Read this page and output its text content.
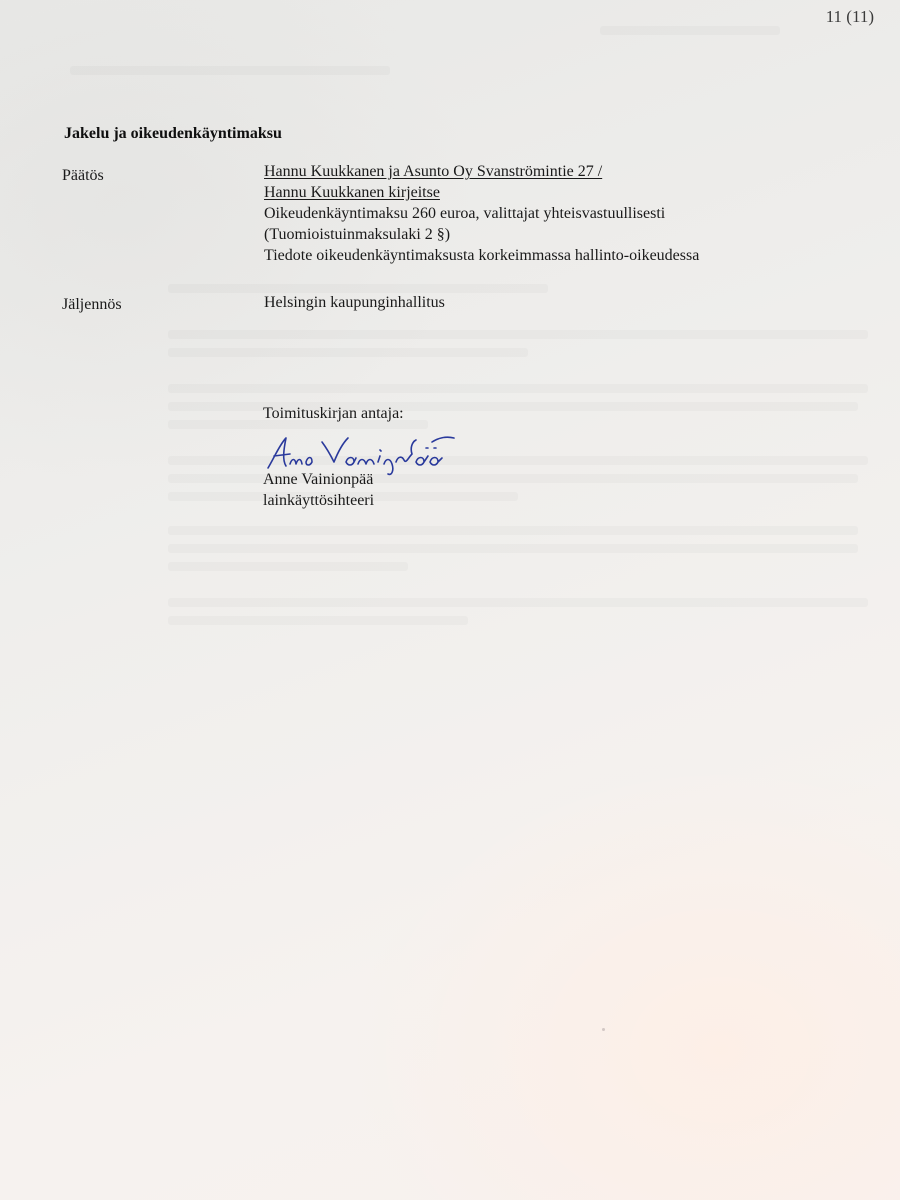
11 (11)
Jakelu ja oikeudenkäyntimaksu
Päätös	Hannu Kuukkanen ja Asunto Oy Svanströmintie 27 /
Hannu Kuukkanen kirjeitse
Oikeudenkäyntimaksu 260 euroa, valittajat yhteisvastuullisesti
(Tuomioistuinmaksulaki 2 §)
Tiedote oikeudenkäyntimaksusta korkeimmassa hallinto-oikeudessa
Jäljennös	Helsingin kaupunginhallitus
Toimituskirjan antaja:
Anne Vainionpää
lainkäyttösihteeri
